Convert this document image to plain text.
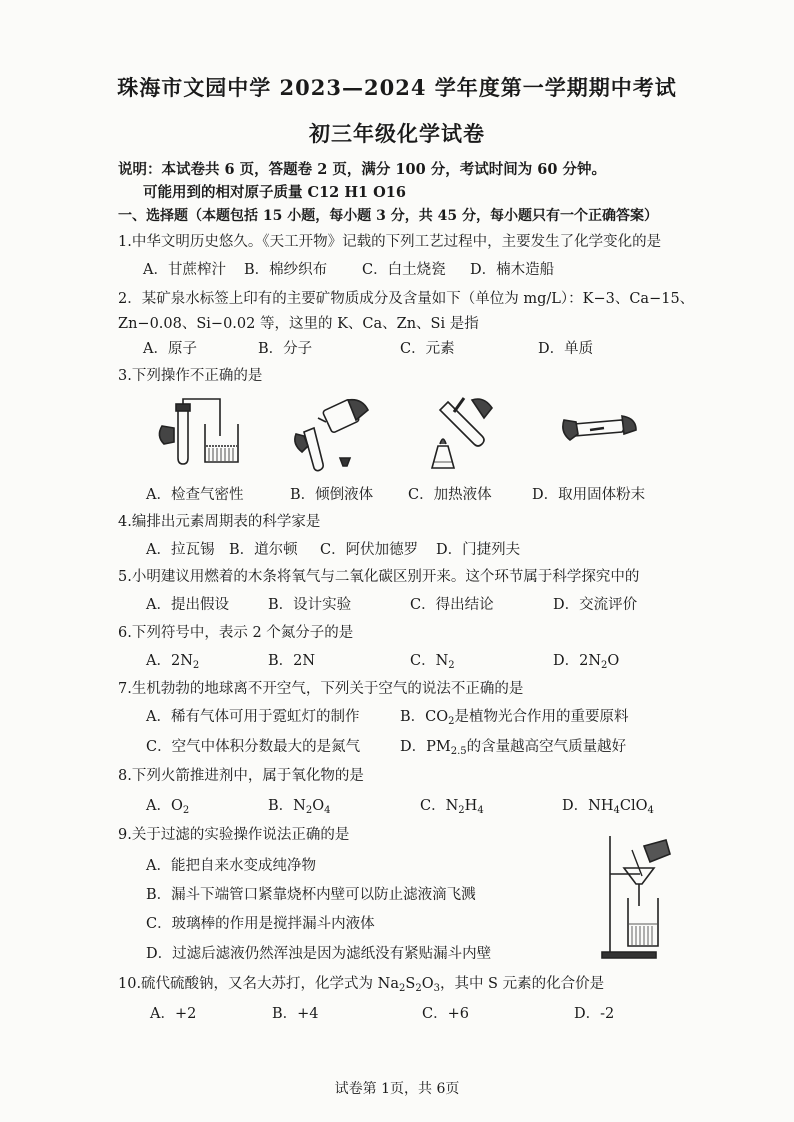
珠海市文园中学 2023—2024 学年度第一学期期中考试
初三年级化学试卷
说明：本试卷共 6 页，答题卷 2 页，满分 100 分，考试时间为 60 分钟。
可能用到的相对原子质量 C12 H1 O16
一、选择题（本题包括 15 小题，每小题 3 分，共 45 分，每小题只有一个正确答案）
1.中华文明历史悠久。《天工开物》记载的下列工艺过程中，主要发生了化学变化的是
A．甘蔗榨汁 B．棉纱织布 C．白土烧瓷 D．楠木造船
2．某矿泉水标签上印有的主要矿物质成分及含量如下（单位为 mg/L）：K−3、Ca−15、
Zn−0.08、Si−0.02 等，这里的 K、Ca、Zn、Si 是指
A．原子	B．分子	C．元素	D．单质
3.下列操作不正确的是
A．检查气密性	B．倾倒液体 C．加热液体	D．取用固体粉末
4.编排出元素周期表的科学家是
A．拉瓦锡 B．道尔顿 C．阿伏加德罗 D．门捷列夫
5.小明建议用燃着的木条将氧气与二氧化碳区别开来。这个环节属于科学探究中的
A．提出假设	B．设计实验	C．得出结论	D．交流评价
6.下列符号中，表示 2 个氮分子的是
A．$2N_2$	B．2N	C．$N_2$	D．$2N_2O$
7.生机勃勃的地球离不开空气，下列关于空气的说法不正确的是
A．稀有气体可用于霓虹灯的制作	B．$CO_2$是植物光合作用的重要原料
C．空气中体积分数最大的是氮气	D．$PM_{2.5}$的含量越高空气质量越好
8.下列火箭推进剂中，属于氧化物的是
A．$O_2$	B．$N_2O_4$	C．$N_2H_4$	D．$NH_4ClO_4$
9.关于过滤的实验操作说法正确的是
A．能把自来水变成纯净物
B．漏斗下端管口紧靠烧杯内壁可以防止滤液滴飞溅
C．玻璃棒的作用是搅拌漏斗内液体
D．过滤后滤液仍然浑浊是因为滤纸没有紧贴漏斗内壁
10.硫代硫酸钠，又名大苏打，化学式为 $Na_2S_2O_3$，其中 S 元素的化合价是
A．+2	B．+4	C．+6	D．-2
试卷第 1页，共 6页
